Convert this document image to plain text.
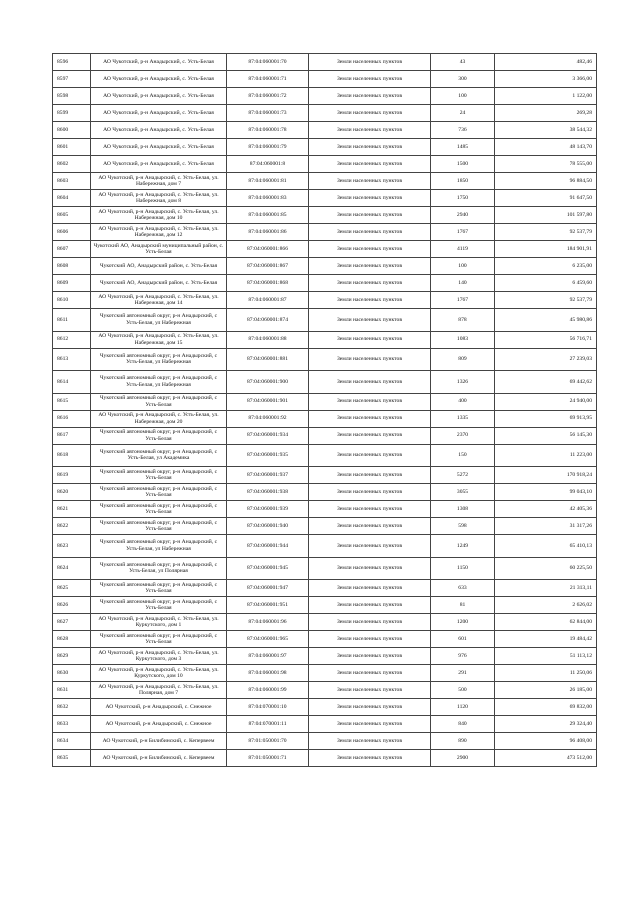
8596	АО Чукотский, р-н Анадырский, с. Усть-Белая	87:04:060001:70	Земли населенных пунктов	43	482,46
8597	АО Чукотский, р-н Анадырский, с. Усть-Белая	87:04:060001:71	Земли населенных пунктов	300	3 366,00
8598	АО Чукотский, р-н Анадырский, с. Усть-Белая	87:04:060001:72	Земли населенных пунктов	100	1 122,00
8599	АО Чукотский, р-н Анадырский, с. Усть-Белая	87:04:060001:73	Земли населенных пунктов	24	269,28
8600	АО Чукотский, р-н Анадырский, с. Усть-Белая	87:04:060001:78	Земли населенных пунктов	736	38 544,32
8601	АО Чукотский, р-н Анадырский, с. Усть-Белая	87:04:060001:79	Земли населенных пунктов	1485	48 143,70
8602	АО Чукотский, р-н Анадырский, с. Усть-Белая	87:04:060001:8	Земли населенных пунктов	1500	78 555,00
8603	АО Чукотский, р-н Анадырский, с. Усть-Белая, ул. Набережная, дом 7	87:04:060001:81	Земли населенных пунктов	1850	96 884,50
8604	АО Чукотский, р-н Анадырский, с. Усть-Белая, ул. Набережная, дом 8	87:04:060001:83	Земли населенных пунктов	1750	91 647,50
8605	АО Чукотский, р-н Анадырский, с. Усть-Белая, ул. Набережная, дом 10	87:04:060001:85	Земли населенных пунктов	2940	101 597,80
8606	АО Чукотский, р-н Анадырский, с. Усть-Белая, ул. Набережная, дом 12	87:04:060001:86	Земли населенных пунктов	1767	92 537,79
8607	Чукотский АО, Анадырский муниципальный район, с. Усть-Белая	87:04:060001:866	Земли населенных пунктов	4119	184 901,91
8608	Чукотский АО, Анадырский район, с. Усть-Белая	87:04:060001:867	Земли населенных пунктов	100	6 235,00
8609	Чукотский АО, Анадырский район, с. Усть-Белая	87:04:060001:868	Земли населенных пунктов	140	6 459,60
8610	АО Чукотский, р-н Анадырский, с. Усть-Белая, ул. Набережная, дом 14	87:04:060001:87	Земли населенных пунктов	1767	92 537,79
8611	Чукотский автономный округ, р-н Анадырский, с Усть-Белая, ул Набережная	87:04:060001:874	Земли населенных пунктов	878	45 980,86
8612	АО Чукотский, р-н Анадырский, с. Усть-Белая, ул. Набережная, дом 15	87:04:060001:88	Земли населенных пунктов	1083	56 716,71
8613	Чукотский автономный округ, р-н Анадырский, с Усть-Белая, ул Набережная	87:04:060001:881	Земли населенных пунктов	809	27 239,03
8614	Чукотский автономный округ, р-н Анадырский, с Усть-Белая, ул Набережная	87:04:060001:900	Земли населенных пунктов	1326	69 442,62
8615	Чукотский автономный округ, р-н Анадырский, с Усть-Белая	87:04:060001:901	Земли населенных пунктов	400	24 940,00
8616	АО Чукотский, р-н Анадырский, с. Усть-Белая, ул. Набережная, дом 20	87:04:060001:92	Земли населенных пунктов	1335	69 913,95
8617	Чукотский автономный округ, р-н Анадырский, с Усть-Белая	87:04:060001:934	Земли населенных пунктов	2370	56 145,30
8618	Чукотский автономный округ, р-н Анадырский, с Усть-Белая, ул Академика	87:04:060001:935	Земли населенных пунктов	150	11 223,00
8619	Чукотский автономный округ, р-н Анадырский, с Усть-Белая	87:04:060001:937	Земли населенных пунктов	5272	170 918,24
8620	Чукотский автономный округ, р-н Анадырский, с Усть-Белая	87:04:060001:938	Земли населенных пунктов	3055	99 043,10
8621	Чукотский автономный округ, р-н Анадырский, с Усть-Белая	87:04:060001:939	Земли населенных пунктов	1308	42 405,36
8622	Чукотский автономный округ, р-н Анадырский, с Усть-Белая	87:04:060001:940	Земли населенных пунктов	598	31 317,26
8623	Чукотский автономный округ, р-н Анадырский, с Усть-Белая, ул Набережная	87:04:060001:944	Земли населенных пунктов	1249	65 410,13
8624	Чукотский автономный округ, р-н Анадырский, с Усть-Белая, ул Полярная	87:04:060001:945	Земли населенных пунктов	1150	60 225,50
8625	Чукотский автономный округ, р-н Анадырский, с Усть-Белая	87:04:060001:947	Земли населенных пунктов	633	21 313,11
8626	Чукотский автономный округ, р-н Анадырский, с Усть-Белая	87:04:060001:951	Земли населенных пунктов	81	2 626,02
8627	АО Чукотский, р-н Анадырский, с. Усть-Белая, ул. Куркутского, дом 1	87:04:060001:96	Земли населенных пунктов	1200	62 844,00
8628	Чукотский автономный округ, р-н Анадырский, с Усть-Белая	87:04:060001:965	Земли населенных пунктов	601	19 484,42
8629	АО Чукотский, р-н Анадырский, с. Усть-Белая, ул. Куркутского, дом 3	87:04:060001:97	Земли населенных пунктов	976	51 113,12
8630	АО Чукотский, р-н Анадырский, с. Усть-Белая, ул. Куркутского, дом 10	87:04:060001:98	Земли населенных пунктов	291	11 250,06
8631	АО Чукотский, р-н Анадырский, с. Усть-Белая, ул. Полярная, дом 7	87:04:060001:99	Земли населенных пунктов	500	26 185,00
8632	АО Чукотский, р-н Анадырский, с. Снежное	87:04:070001:10	Земли населенных пунктов	1120	69 832,00
8633	АО Чукотский, р-н Анадырский, с. Снежное	87:04:070001:11	Земли населенных пунктов	840	29 324,40
8634	АО Чукотский, р-н Билибинский, с. Кепервеем	87:01:050001:70	Земли населенных пунктов	890	96 408,00
8635	АО Чукотский, р-н Билибинский, с. Кепервеем	87:01:050001:71	Земли населенных пунктов	2900	473 512,00
